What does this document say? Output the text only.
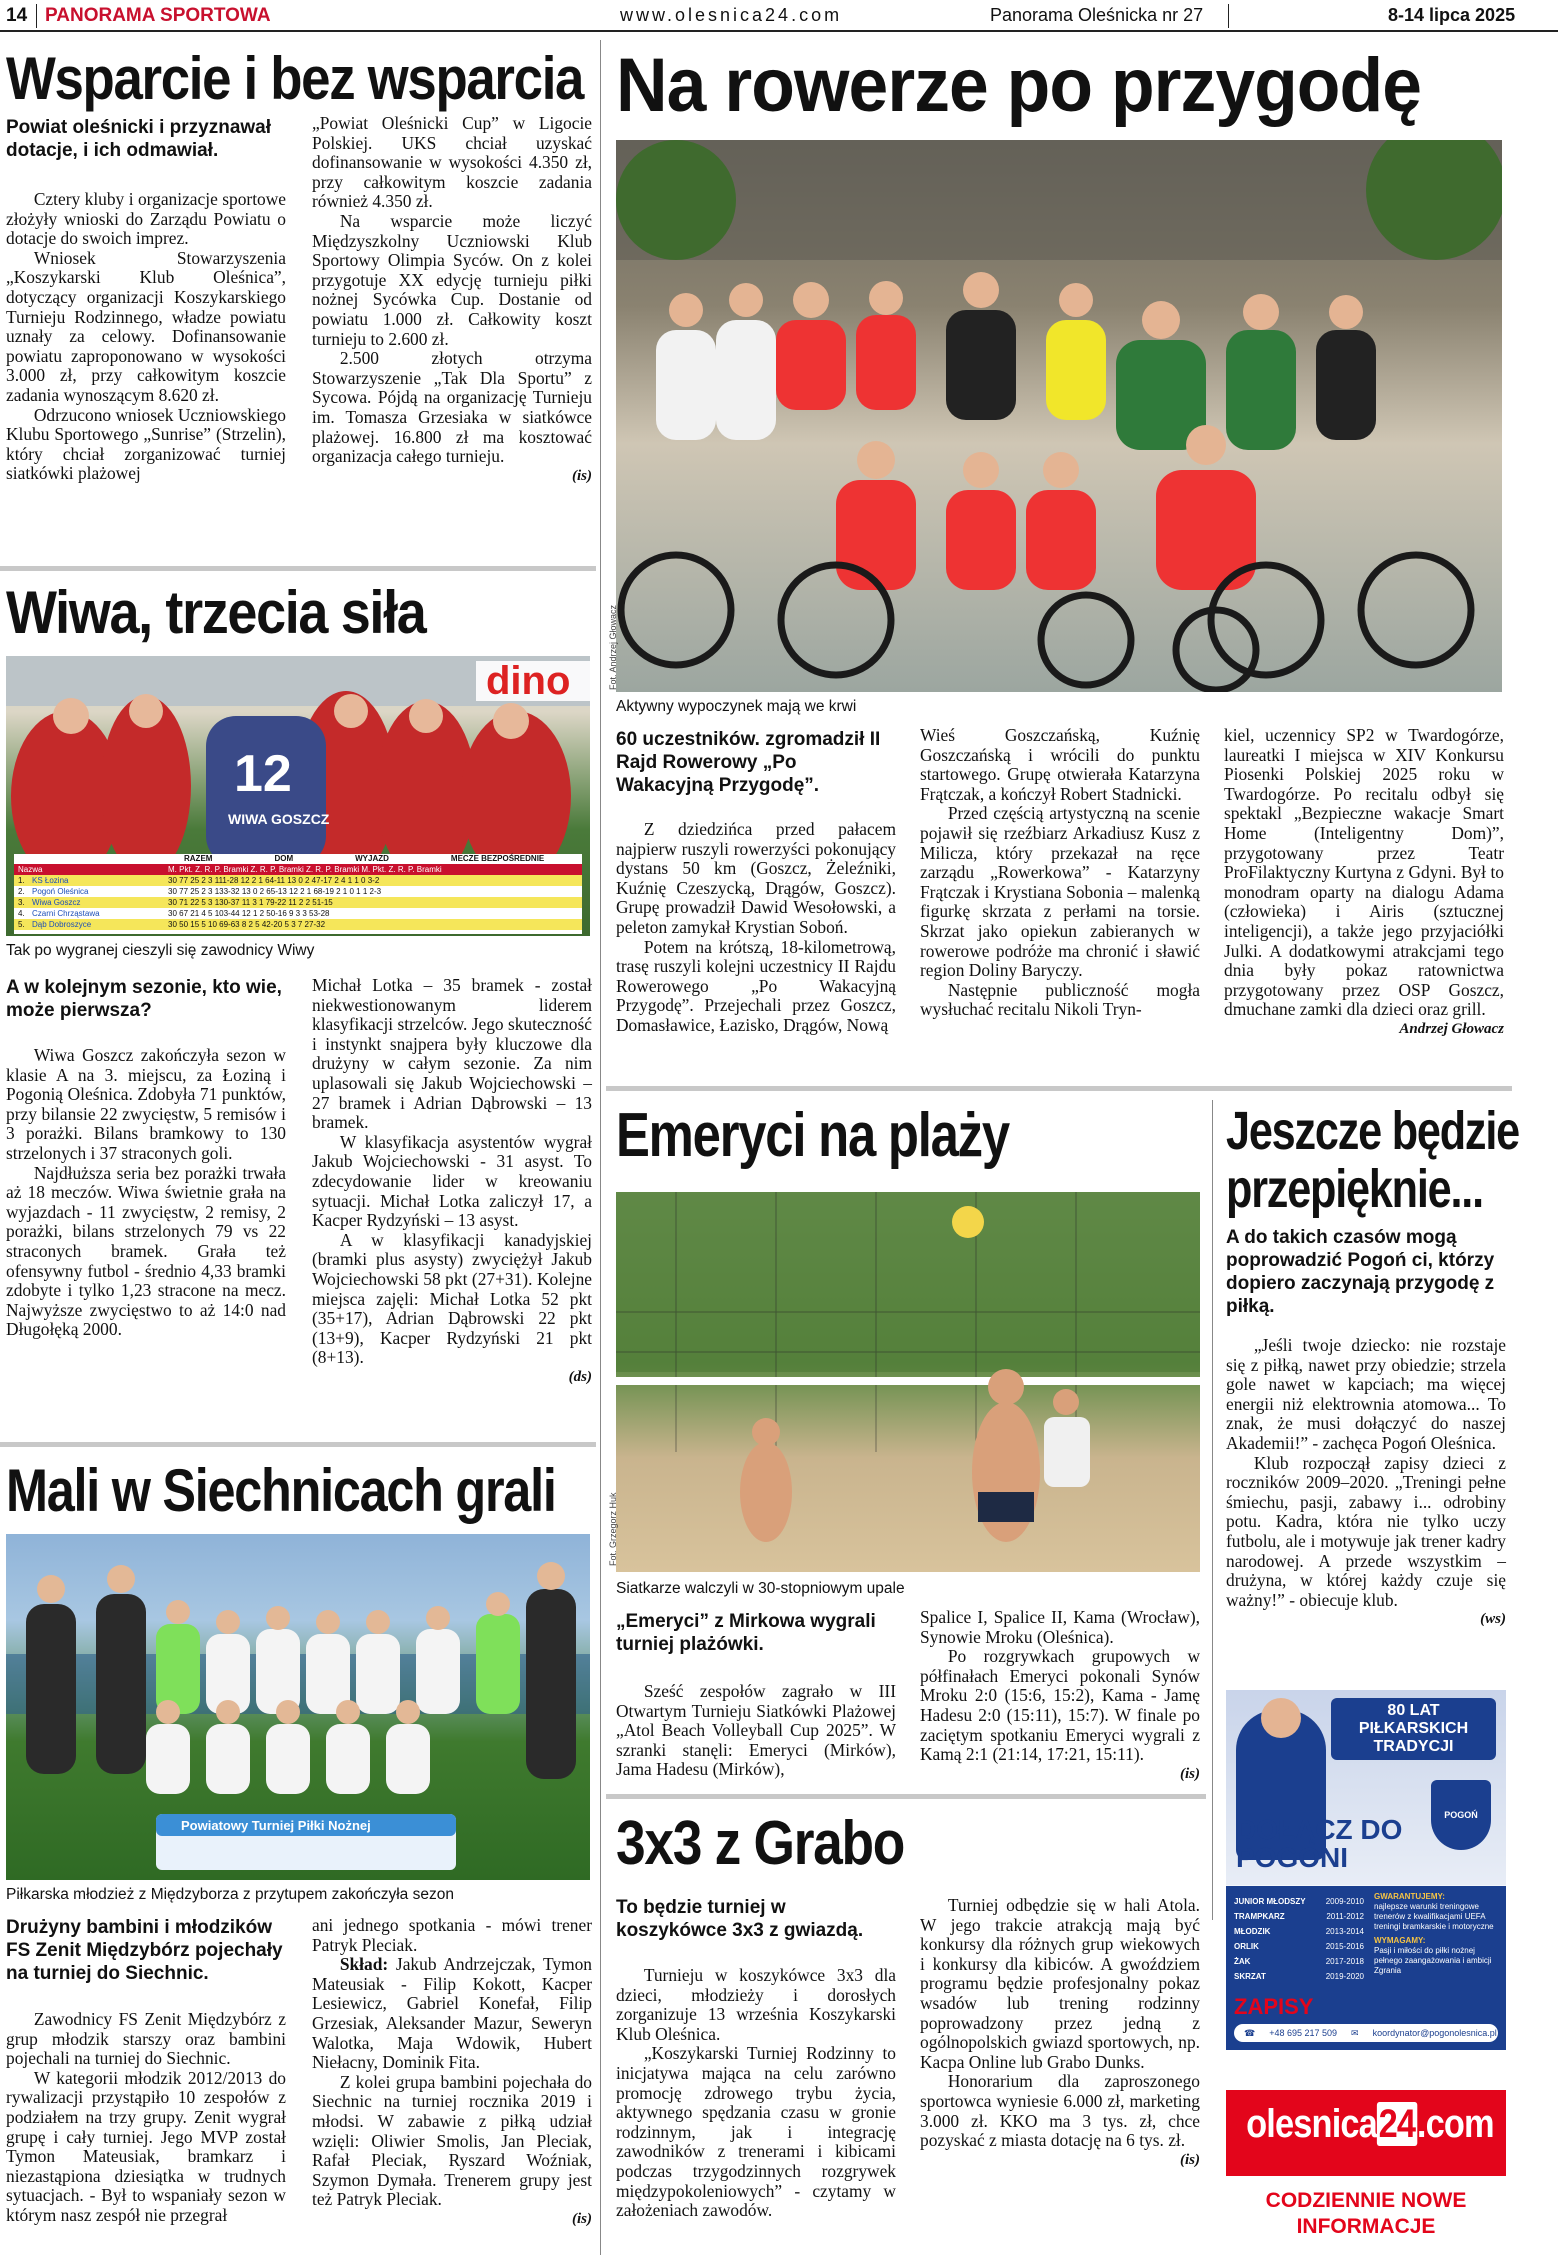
14 PANORAMA SPORTOWA	www.olesnica24.com	Panorama Oleśnicka nr 27	8-14 lipca 2025
Wsparcie i bez wsparcia
Powiat oleśnicki i przyznawał dotacje, i ich odmawiał.

Cztery kluby i organizacje sportowe złożyły wnioski do Zarządu Powiatu o dotacje do swoich imprez.

Wniosek Stowarzyszenia „Koszykarski Klub Oleśnica”, dotyczący organizacji Koszykarskiego Turnieju Rodzinnego, władze powiatu uznały za celowy. Dofinansowanie powiatu zaproponowano w wysokości 3.000 zł, przy całkowitym koszcie zadania wynoszącym 8.620 zł.

Odrzucono wniosek Uczniowskiego Klubu Sportowego „Sunrise” (Strzelin), który chciał zorganizować turniej siatkówki plażowej

„Powiat Oleśnicki Cup” w Ligocie Polskiej. UKS chciał uzyskać dofinansowanie w wysokości 4.350 zł, przy całkowitym koszcie zadania również 4.350 zł.

Na wsparcie może liczyć Międzyszkolny Uczniowski Klub Sportowy Olimpia Syców. On z kolei przygotuje XX edycję turnieju piłki nożnej Sycówka Cup. Dostanie od powiatu 1.000 zł. Całkowity koszt turnieju to 2.600 zł.

2.500 złotych otrzyma Stowarzyszenie „Tak Dla Sportu” z Sycowa. Pójdą na organizację Turnieju im. Tomasza Grzesiaka w siatkówce plażowej. 16.800 zł ma kosztować organizacja całego turnieju.

(is)
Wiwa, trzecia siła
dino
12
WIWA GOSZCZ
RAZEM	DOM	WYJAZD	MECZE BEZPOŚREDNIE
Nazwa	M. Pkt. Z. R. P. Bramki Z. R. P. Bramki Z. R. P. Bramki M. Pkt. Z. R. P. Bramki
1. KS Łozina	30 77 25 2 3 111-28 12 2 1 64-11 13 0 2 47-17 2 4 1 1 0 3-2
2. Pogoń Oleśnica	30 77 25 2 3 133-32 13 0 2 65-13 12 2 1 68-19 2 1 0 1 1 2-3
3. Wiwa Goszcz	30 71 22 5 3 130-37 11 3 1 79-22 11 2 2 51-15
4. Czarni Chrząstawa	30 67 21 4 5 103-44 12 1 2 50-16 9 3 3 53-28
5. Dąb Dobroszyce	30 50 15 5 10 69-63 8 2 5 42-20 5 3 7 27-32
Tak po wygranej cieszyli się zawodnicy Wiwy
A w kolejnym sezonie, kto wie, może pierwsza?

Wiwa Goszcz zakończyła sezon w klasie A na 3. miejscu, za Łoziną i Pogonią Oleśnica. Zdobyła 71 punktów, przy bilansie 22 zwycięstw, 5 remisów i 3 porażki. Bilans bramkowy to 130 strzelonych i 37 straconych goli.

Najdłuższa seria bez porażki trwała aż 18 meczów. Wiwa świetnie grała na wyjazdach - 11 zwycięstw, 2 remisy, 2 porażki, bilans strzelonych 79 vs 22 straconych bramek. Grała też ofensywny futbol - średnio 4,33 bramki zdobyte i tylko 1,23 stracone na mecz. Najwyższe zwycięstwo to aż 14:0 nad Długołęką 2000.

Michał Lotka – 35 bramek - został niekwestionowanym liderem klasyfikacji strzelców. Jego skuteczność i instynkt snajpera były kluczowe dla drużyny w całym sezonie. Za nim uplasowali się Jakub Wojciechowski – 27 bramek i Adrian Dąbrowski – 13 bramek.

W klasyfikacja asystentów wygrał Jakub Wojciechowski - 31 asyst. To zdecydowanie lider w kreowaniu sytuacji. Michał Lotka zaliczył 17, a Kacper Rydzyński – 13 asyst.

A w klasyfikacji kanadyjskiej (bramki plus asysty) zwyciężył Jakub Wojciechowski 58 pkt (27+31). Kolejne miejsca zajęli: Michał Lotka 52 pkt (35+17), Adrian Dąbrowski 22 pkt (13+9), Kacper Rydzyński 21 pkt (8+13).

(ds)
Mali w Siechnicach grali
Powiatowy Turniej Piłki Nożnej
Piłkarska młodzież z Międzyborza z przytupem zakończyła sezon
Drużyny bambini i młodzików FS Zenit Międzybórz pojechały na turniej do Siechnic.

Zawodnicy FS Zenit Międzybórz z grup młodzik starszy oraz bambini pojechali na turniej do Siechnic.

W kategorii młodzik 2012/2013 do rywalizacji przystąpiło 10 zespołów z podziałem na trzy grupy. Zenit wygrał grupę i cały turniej. Jego MVP został Tymon Mateusiak, bramkarz i niezastąpiona dziesiątka w trudnych sytuacjach. - Był to wspaniały sezon w którym nasz zespół nie przegrał

ani jednego spotkania - mówi trener Patryk Pleciak.

Skład: Jakub Andrzejczak, Tymon Mateusiak - Filip Kokott, Kacper Lesiewicz, Gabriel Konefał, Filip Grzesiak, Aleksander Mazur, Seweryn Walotka, Maja Wdowik, Hubert Niełacny, Dominik Fita.

Z kolei grupa bambini pojechała do Siechnic na turniej rocznika 2019 i młodsi. W zabawie z piłką udział wzięli: Oliwier Smolis, Jan Pleciak, Rafał Pleciak, Ryszard Woźniak, Szymon Dymała. Trenerem grupy jest też Patryk Pleciak.

(is)
Na rowerze po przygodę
Fot. Andrzej Głowacz
Aktywny wypoczynek mają we krwi
60 uczestników. zgromadził II Rajd Rowerowy „Po Wakacyjną Przygodę”.

Z dziedzińca przed pałacem najpierw ruszyli rowerzyści pokonujący dystans 50 km (Goszcz, Żeleźniki, Kuźnię Czeszycką, Drągów, Goszcz). Grupę prowadził Dawid Wesołowski, a peleton zamykał Krystian Soboń.

Potem na krótszą, 18-kilometrową, trasę ruszyli kolejni uczestnicy II Rajdu Rowerowego „Po Wakacyjną Przygodę”. Przejechali przez Goszcz, Domasławice, Łazisko, Drągów, Nową

Wieś Goszczańską, Kuźnię Goszczańską i wrócili do punktu startowego. Grupę otwierała Katarzyna Frątczak, a kończył Robert Stadnicki.

Przed częścią artystyczną na scenie pojawił się rzeźbiarz Arkadiusz Kusz z Milicza, który przekazał na ręce zarządu „Rowerkowa” - Katarzyny Frątczak i Krystiana Sobonia – malenką figurkę skrzata z perłami na torsie. Skrzat jako opiekun zabieranych w rowerowe podróże ma chronić i sławić region Doliny Baryczy.

Następnie publiczność mogła wysłuchać recitalu Nikoli Tryn-

kiel, uczennicy SP2 w Twardogórze, laureatki I miejsca w XIV Konkursu Piosenki Polskiej 2025 roku w Twardogórze. Po recitalu odbył się spektakl „Bezpieczne wakacje Smart Home (Inteligentny Dom)”, przygotowany przez Teatr ProFilaktyczny Kurtyna z Gdyni. Był to monodram oparty na dialogu Adama (człowieka) i Airis (sztucznej inteligencji), a także jego przyjaciółki Julki. A dodatkowymi atrakcjami tego dnia były pokaz ratownictwa przygotowany przez OSP Goszcz, dmuchane zamki dla dzieci oraz grill.

Andrzej Głowacz
Emeryci na plaży
Fot. Grzegorz Huk
Siatkarze walczyli w 30-stopniowym upale
„Emeryci” z Mirkowa wygrali turniej plażówki.

Sześć zespołów zagrało w III Otwartym Turnieju Siatkówki Plażowej „Atol Beach Volleyball Cup 2025”. W szranki stanęli: Emeryci (Mirków), Jama Hadesu (Mirków),

Spalice I, Spalice II, Kama (Wrocław), Synowie Mroku (Oleśnica).

Po rozgrywkach grupowych w półfinałach Emeryci pokonali Synów Mroku 2:0 (15:6, 15:2), Kama - Jamę Hadesu 2:0 (15:11), 15:7). W finale po zaciętym spotkaniu Emeryci wygrali z Kamą 2:1 (21:14, 17:21, 15:11).

(is)
Jeszcze będzie
przepięknie...
A do takich czasów mogą poprowadzić Pogoń ci, którzy dopiero zaczynają przygodę z piłką.

„Jeśli twoje dziecko: nie rozstaje się z piłką, nawet przy obiedzie; strzela gole nawet w kapciach; ma więcej energii niż elektrownia atomowa... To znak, że musi dołączyć do naszej Akademii!” - zachęca Pogoń Oleśnica.

Klub rozpoczął zapisy dzieci z roczników 2009–2020. „Treningi pełne śmiechu, pasji, zabawy i... odrobiny potu. Kadra, która nie tylko uczy futbolu, ale i motywuje jak trener kadry narodowej. A przede wszystkim – drużyna, w której każdy czuje się ważny!” - obiecuje klub.

(ws)
80 LAT
PIŁKARSKICH
TRADYCJI
POGOŃ
DOŁĄCZ DO
POGONI
JUNIOR MŁODSZY	2009-2010
TRAMPKARZ	2011-2012
MŁODZIK	2013-2014
ORLIK	2015-2016
ŻAK	2017-2018
SKRZAT	2019-2020
GWARANTUJEMY:
najlepsze warunki treningowe
trenerów z kwalifikacjami UEFA
treningi bramkarskie i motoryczne
WYMAGAMY:
Pasji i miłości do piłki nożnej
pełnego zaangażowania i ambicji
Zgrania
ZAPISY
☎ +48 695 217 509 ✉ koordynator@pogonolesnica.pl
olesnica24.com
CODZIENNIE NOWE
INFORMACJE
3x3 z Grabo
To będzie turniej w koszykówce 3x3 z gwiazdą.

Turnieju w koszykówce 3x3 dla dzieci, młodzieży i dorosłych zorganizuje 13 września Koszykarski Klub Oleśnica.

„Koszykarski Turniej Rodzinny to inicjatywa mająca na celu zarówno promocję zdrowego trybu życia, aktywnego spędzania czasu w gronie rodzinnym, jak i integrację zawodników z trenerami i kibicami podczas trzygodzinnych rozgrywek międzypokoleniowych” - czytamy w założeniach zawodów.

Turniej odbędzie się w hali Atola. W jego trakcie atrakcją mają być konkursy dla różnych grup wiekowych i konkursy dla kibiców. A gwoździem programu będzie profesjonalny pokaz wsadów lub trening rodzinny poprowadzony przez jedną z ogólnopolskich gwiazd sportowych, np. Kacpa Online lub Grabo Dunks.

Honorarium dla zaproszonego sportowca wyniesie 6.000 zł, marketing 3.000 zł. KKO ma 3 tys. zł, chce pozyskać z miasta dotację na 6 tys. zł.

(is)
